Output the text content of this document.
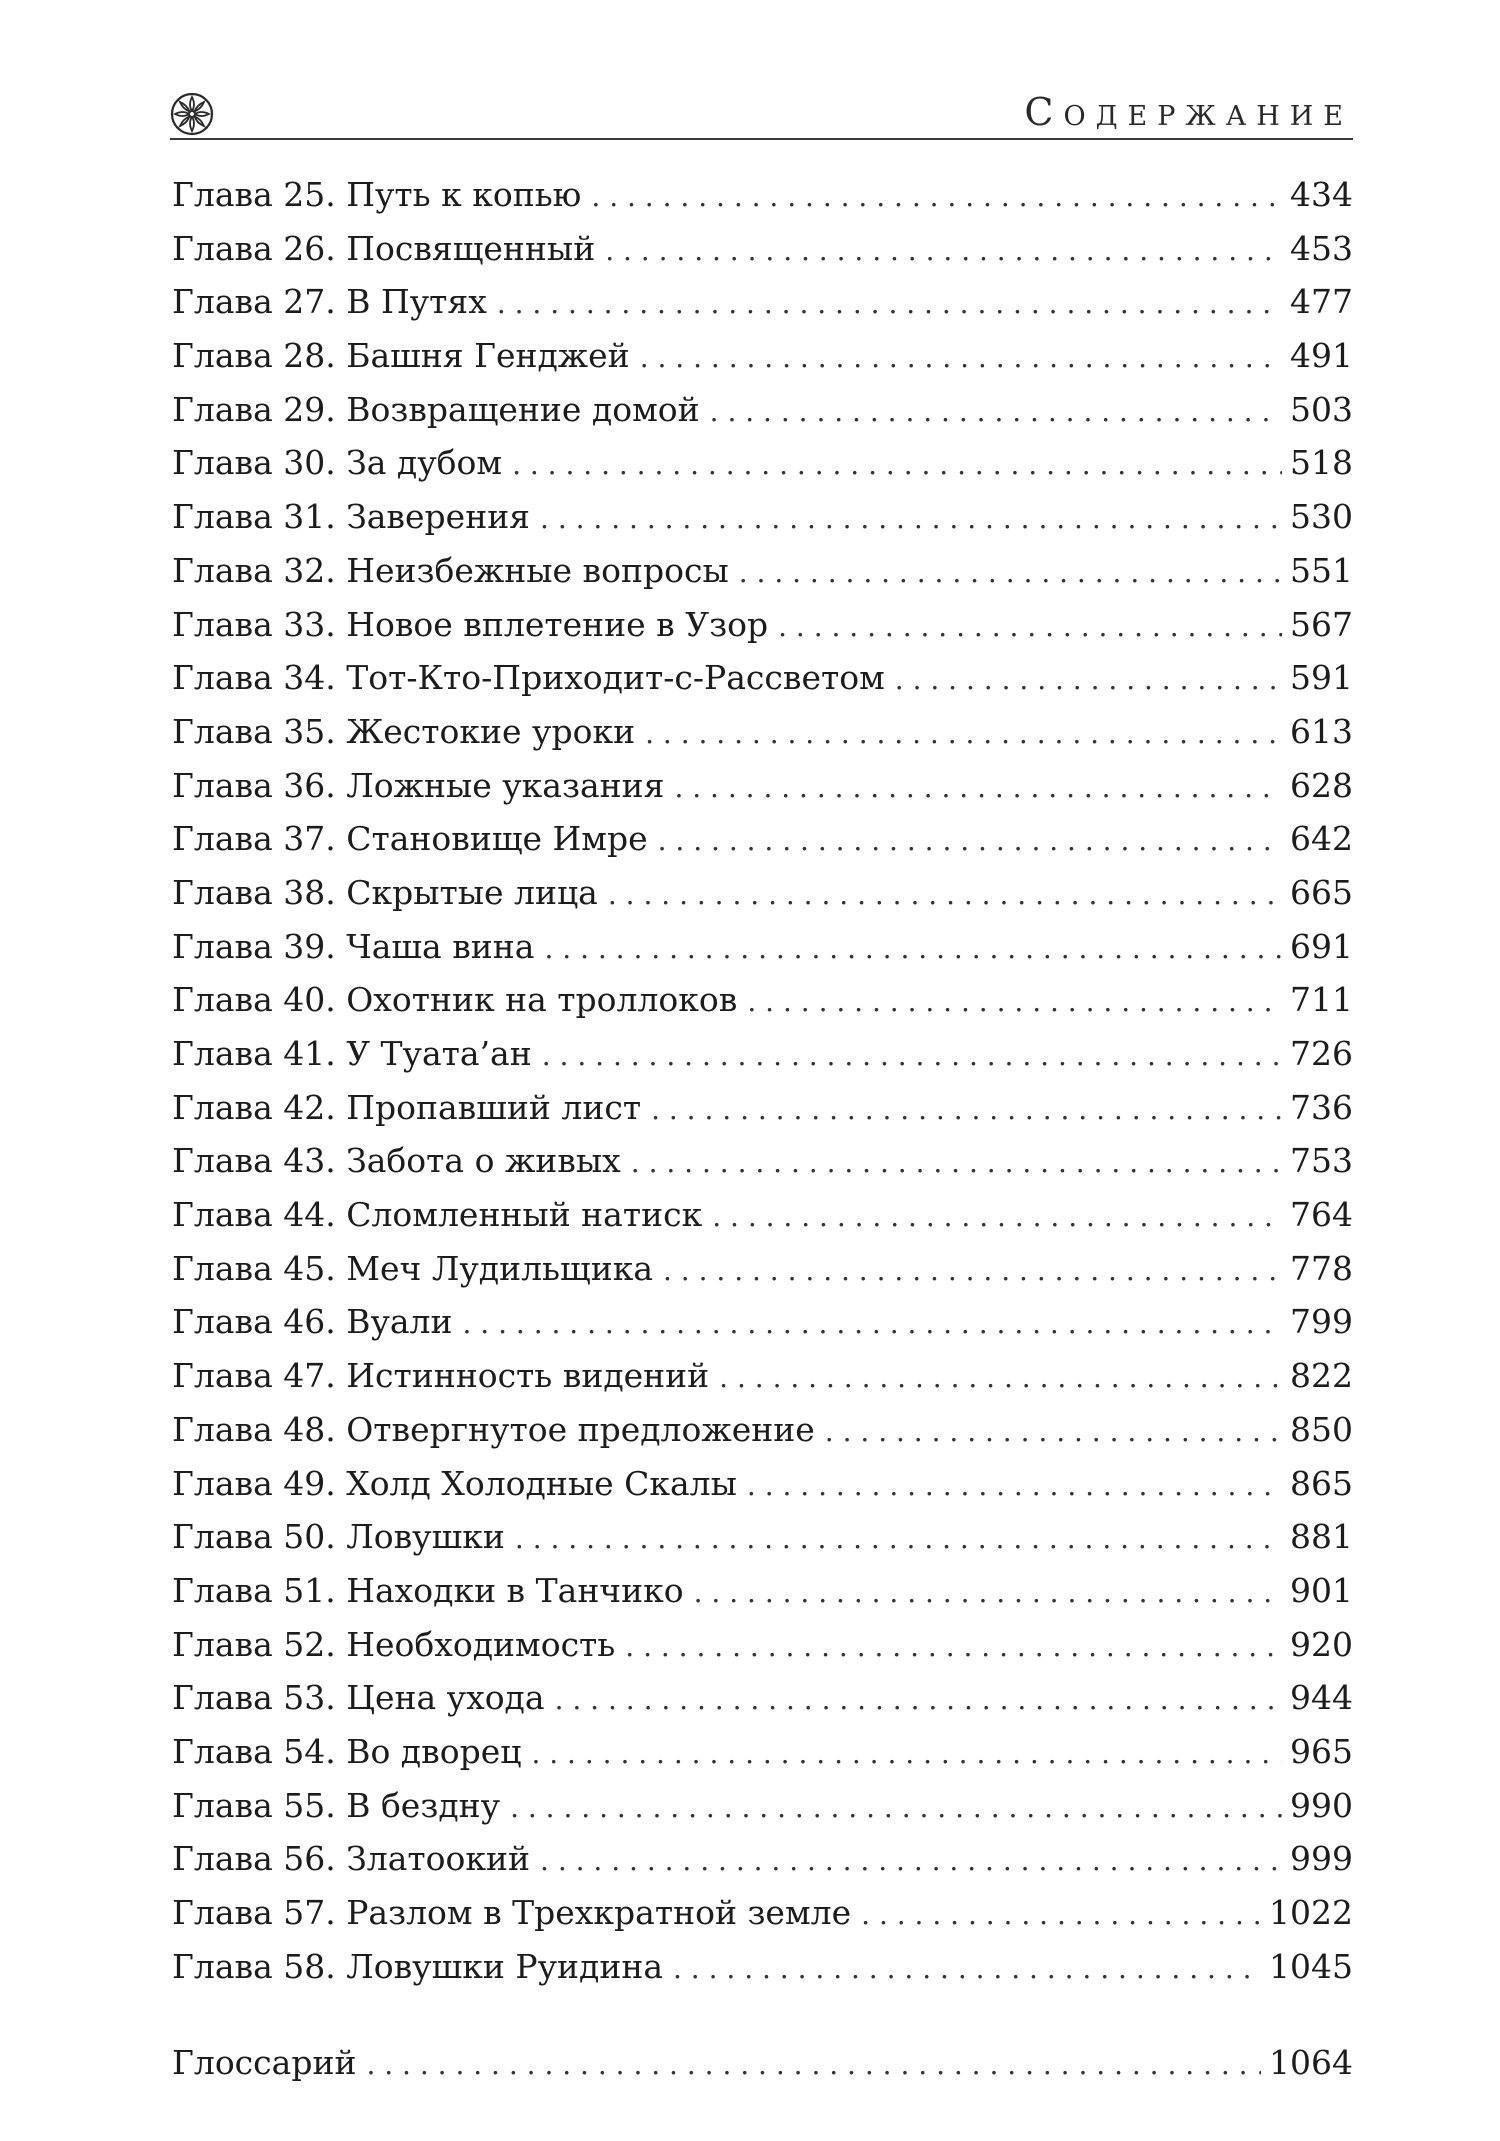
Содержание
Глава 25. Путь к копью . . .	434
Глава 26. Посвященный . . .	453
Глава 27. В Путях . . .	477
Глава 28. Башня Генджей . . .	491
Глава 29. Возвращение домой . . .	503
Глава 30. За дубом . . .	518
Глава 31. Заверения . . .	530
Глава 32. Неизбежные вопросы . . .	551
Глава 33. Новое вплетение в Узор . . .	567
Глава 34. Тот-Кто-Приходит-с-Рассветом . . .	591
Глава 35. Жестокие уроки . . .	613
Глава 36. Ложные указания . . .	628
Глава 37. Становище Имре . . .	642
Глава 38. Скрытые лица . . .	665
Глава 39. Чаша вина . . .	691
Глава 40. Охотник на троллоков . . .	711
Глава 41. У Туата’ан . . .	726
Глава 42. Пропавший лист . . .	736
Глава 43. Забота о живых . . .	753
Глава 44. Сломленный натиск . . .	764
Глава 45. Меч Лудильщика . . .	778
Глава 46. Вуали . . .	799
Глава 47. Истинность видений . . .	822
Глава 48. Отвергнутое предложение . . .	850
Глава 49. Холд Холодные Скалы . . .	865
Глава 50. Ловушки . . .	881
Глава 51. Находки в Танчико . . .	901
Глава 52. Необходимость . . .	920
Глава 53. Цена ухода . . .	944
Глава 54. Во дворец . . .	965
Глава 55. В бездну . . .	990
Глава 56. Златоокий . . .	999
Глава 57. Разлом в Трехкратной земле . . .	1022
Глава 58. Ловушки Руидина . . .	1045
Глоссарий . . .	1064
